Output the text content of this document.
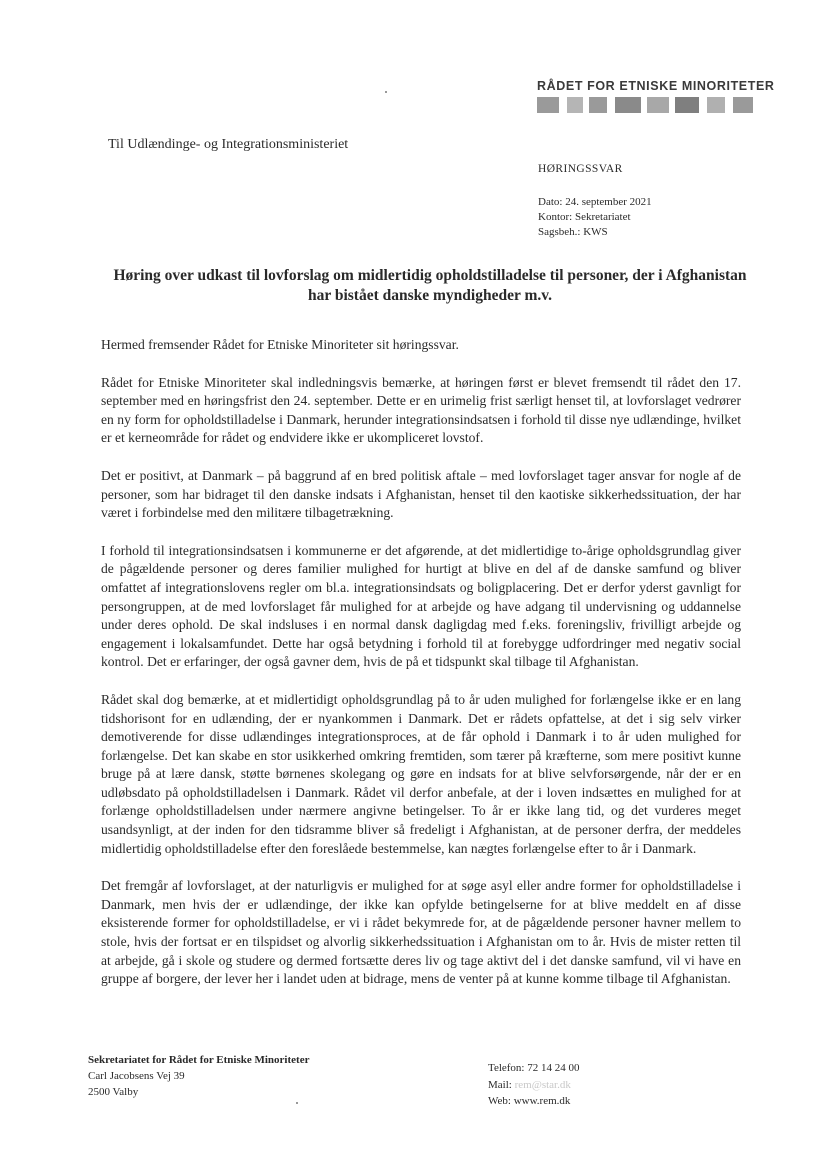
RÅDET FOR ETNISKE MINORITETER
Til Udlændinge- og Integrationsministeriet
HØRINGSSVAR
Dato: 24. september 2021
Kontor: Sekretariatet
Sagsbeh.: KWS
Høring over udkast til lovforslag om midlertidig opholdstilladelse til personer, der i Afghanistan har bistået danske myndigheder m.v.

Hermed fremsender Rådet for Etniske Minoriteter sit høringssvar.

Rådet for Etniske Minoriteter skal indledningsvis bemærke, at høringen først er blevet fremsendt til rådet den 17. september med en høringsfrist den 24. september. Dette er en urimelig frist særligt henset til, at lovforslaget vedrører en ny form for opholdstilladelse i Danmark, herunder integrationsindsatsen i forhold til disse nye udlændinge, hvilket er et kerneområde for rådet og endvidere ikke er ukompliceret lovstof.

Det er positivt, at Danmark – på baggrund af en bred politisk aftale – med lovforslaget tager ansvar for nogle af de personer, som har bidraget til den danske indsats i Afghanistan, henset til den kaotiske sikkerhedssituation, der har været i forbindelse med den militære tilbagetrækning.

I forhold til integrationsindsatsen i kommunerne er det afgørende, at det midlertidige to-årige opholdsgrundlag giver de pågældende personer og deres familier mulighed for hurtigt at blive en del af de danske samfund og bliver omfattet af integrationslovens regler om bl.a. integrationsindsats og boligplacering. Det er derfor yderst gavnligt for persongruppen, at de med lovforslaget får mulighed for at arbejde og have adgang til undervisning og uddannelse under deres ophold. De skal indsluses i en normal dansk dagligdag med f.eks. foreningsliv, frivilligt arbejde og engagement i lokalsamfundet. Dette har også betydning i forhold til at forebygge udfordringer med negativ social kontrol. Det er erfaringer, der også gavner dem, hvis de på et tidspunkt skal tilbage til Afghanistan.

Rådet skal dog bemærke, at et midlertidigt opholdsgrundlag på to år uden mulighed for forlængelse ikke er en lang tidshorisont for en udlænding, der er nyankommen i Danmark. Det er rådets opfattelse, at det i sig selv virker demotiverende for disse udlændinges integrationsproces, at de får ophold i Danmark i to år uden mulighed for forlængelse. Det kan skabe en stor usikkerhed omkring fremtiden, som tærer på kræfterne, som mere positivt kunne bruge på at lære dansk, støtte børnenes skolegang og gøre en indsats for at blive selvforsørgende, når der er en udløbsdato på opholdstilladelsen i Danmark. Rådet vil derfor anbefale, at der i loven indsættes en mulighed for at forlænge opholdstilladelsen under nærmere angivne betingelser. To år er ikke lang tid, og det vurderes meget usandsynligt, at der inden for den tidsramme bliver så fredeligt i Afghanistan, at de personer derfra, der meddeles midlertidig opholdstilladelse efter den foreslåede bestemmelse, kan nægtes forlængelse efter to år i Danmark.

Det fremgår af lovforslaget, at der naturligvis er mulighed for at søge asyl eller andre former for opholdstilladelse i Danmark, men hvis der er udlændinge, der ikke kan opfylde betingelserne for at blive meddelt en af disse eksisterende former for opholdstilladelse, er vi i rådet bekymrede for, at de pågældende personer havner mellem to stole, hvis der fortsat er en tilspidset og alvorlig sikkerhedssituation i Afghanistan om to år. Hvis de mister retten til at arbejde, gå i skole og studere og dermed fortsætte deres liv og tage aktivt del i det danske samfund, vil vi have en gruppe af borgere, der lever her i landet uden at bidrage, mens de venter på at kunne komme tilbage til Afghanistan.

Sekretariatet for Rådet for Etniske Minoriteter
Carl Jacobsens Vej 39
2500 Valby
Telefon: 72 14 24 00
Mail: rem@star.dk
Web: www.rem.dk
